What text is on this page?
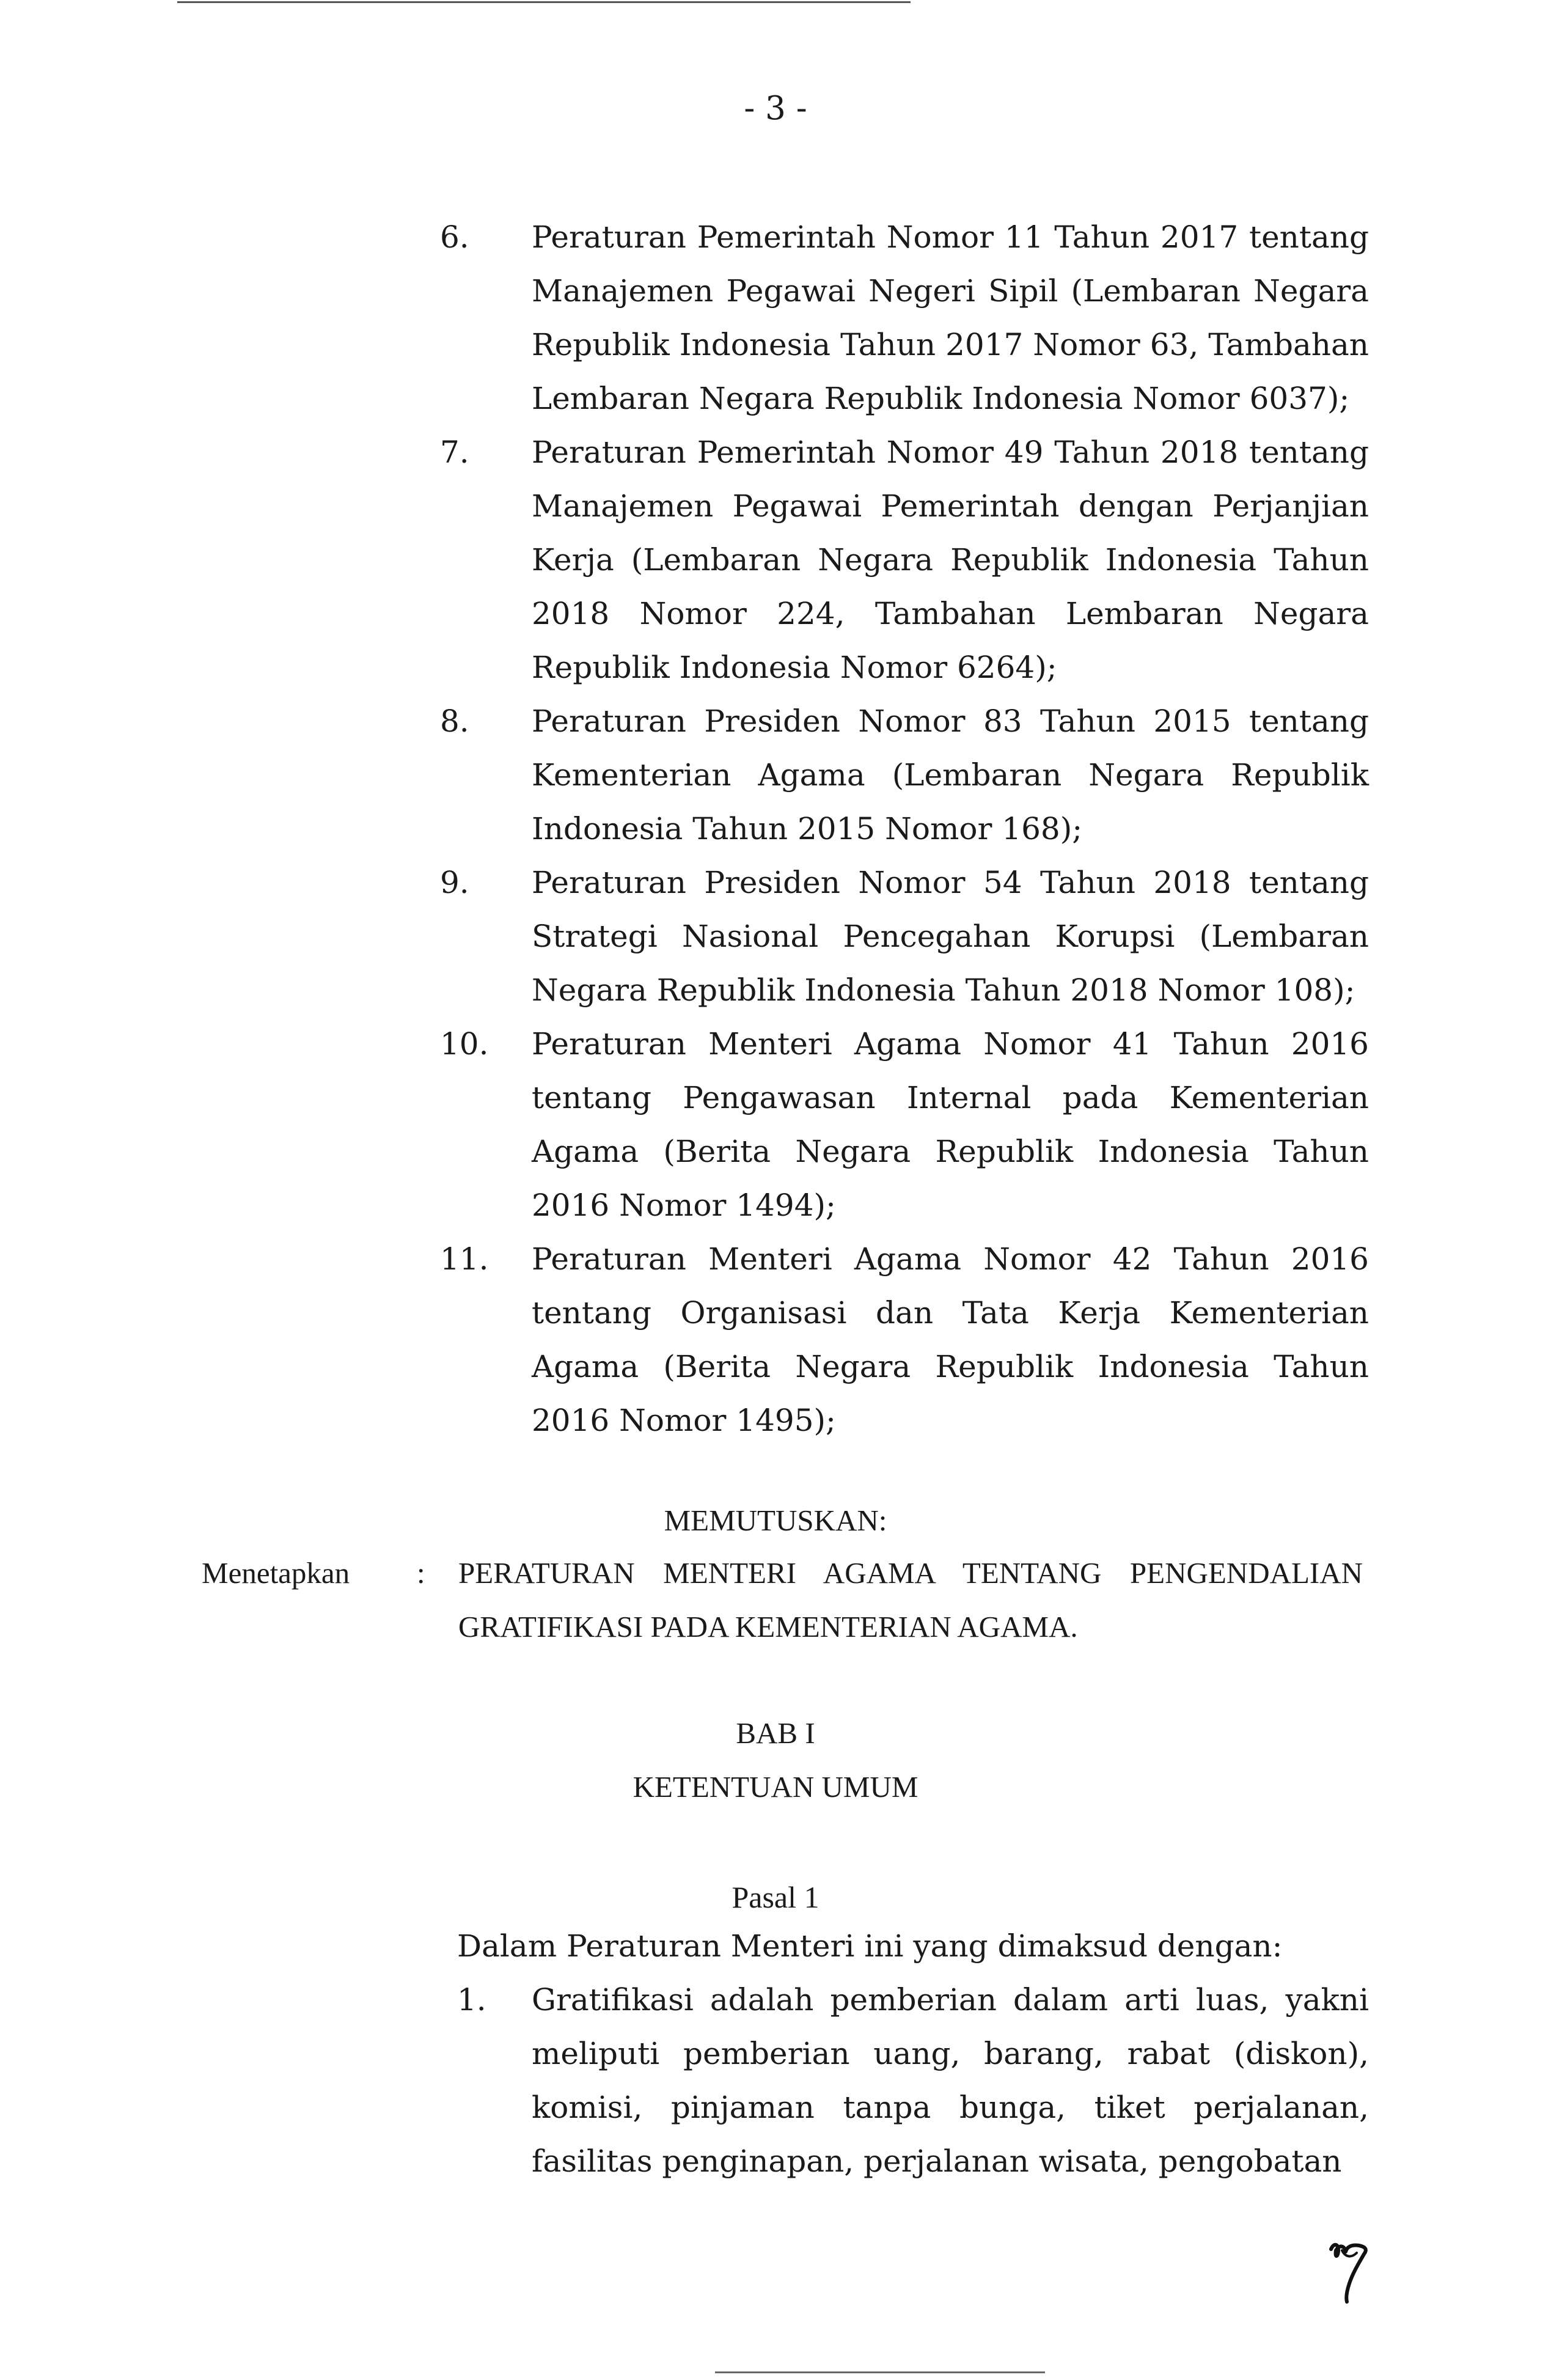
- 3 -
6.	Peraturan Pemerintah Nomor 11 Tahun 2017 tentang Manajemen Pegawai Negeri Sipil (Lembaran Negara Republik Indonesia Tahun 2017 Nomor 63, Tambahan Lembaran Negara Republik Indonesia Nomor 6037);
7.	Peraturan Pemerintah Nomor 49 Tahun 2018 tentang Manajemen Pegawai Pemerintah dengan Perjanjian Kerja (Lembaran Negara Republik Indonesia Tahun 2018 Nomor 224, Tambahan Lembaran Negara Republik Indonesia Nomor 6264);
8.	Peraturan Presiden Nomor 83 Tahun 2015 tentang Kementerian Agama (Lembaran Negara Republik Indonesia Tahun 2015 Nomor 168);
9.	Peraturan Presiden Nomor 54 Tahun 2018 tentang Strategi Nasional Pencegahan Korupsi (Lembaran Negara Republik Indonesia Tahun 2018 Nomor 108);
10.	Peraturan Menteri Agama Nomor 41 Tahun 2016 tentang Pengawasan Internal pada Kementerian Agama (Berita Negara Republik Indonesia Tahun 2016 Nomor 1494);
11.	Peraturan Menteri Agama Nomor 42 Tahun 2016 tentang Organisasi dan Tata Kerja Kementerian Agama (Berita Negara Republik Indonesia Tahun 2016 Nomor 1495);
MEMUTUSKAN:
Menetapkan : PERATURAN MENTERI AGAMA TENTANG PENGENDALIAN GRATIFIKASI PADA KEMENTERIAN AGAMA.
BAB I
KETENTUAN UMUM
Pasal 1
Dalam Peraturan Menteri ini yang dimaksud dengan:
1.	Gratifikasi adalah pemberian dalam arti luas, yakni meliputi pemberian uang, barang, rabat (diskon), komisi, pinjaman tanpa bunga, tiket perjalanan, fasilitas penginapan, perjalanan wisata, pengobatan
